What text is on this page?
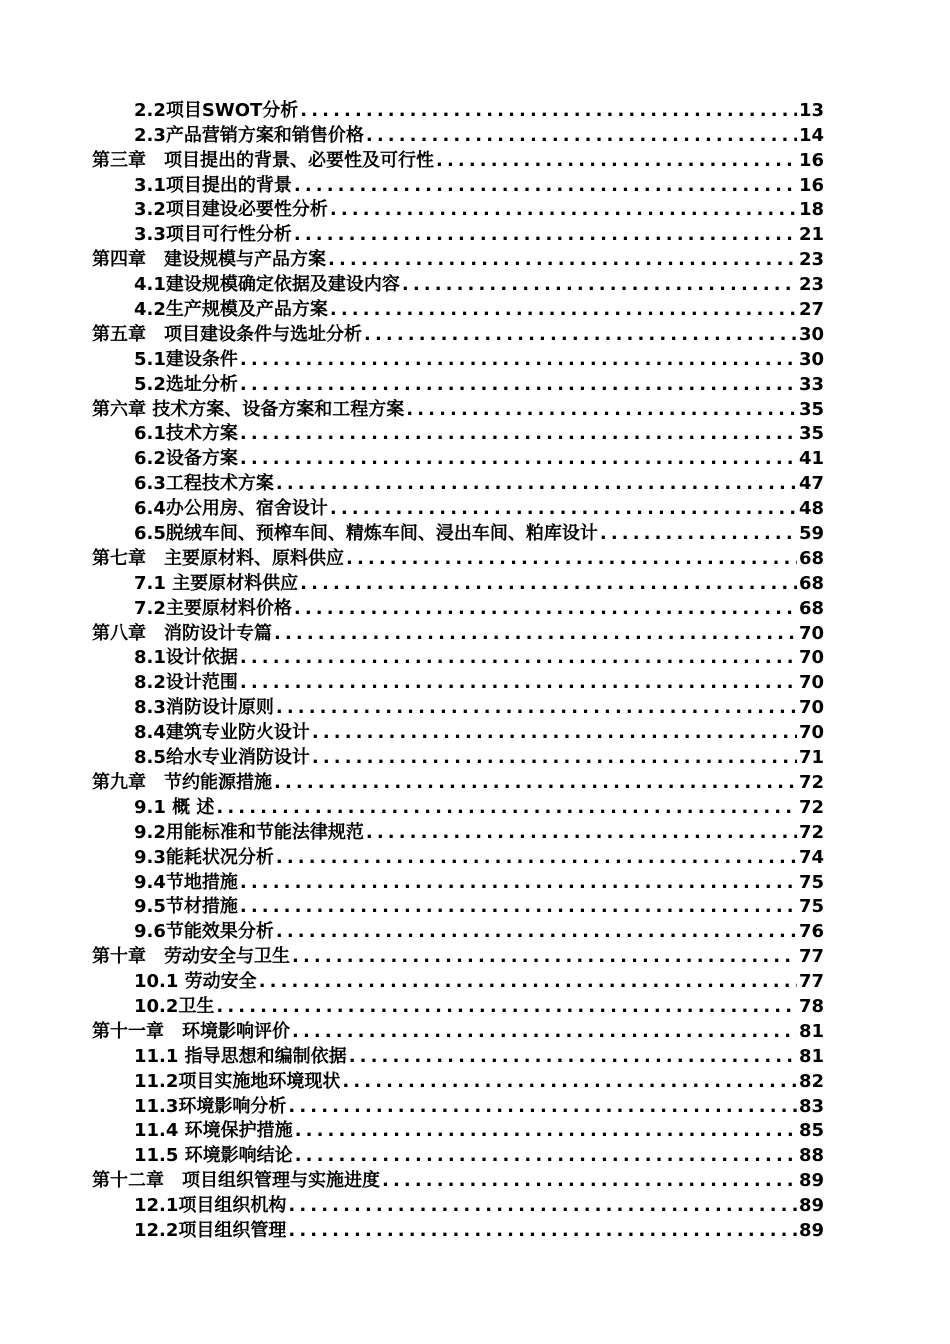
2.2项目SWOT分析 .....	13
2.3产品营销方案和销售价格 .....	14
第三章　项目提出的背景、必要性及可行性 .....	16
3.1项目提出的背景 .....	16
3.2项目建设必要性分析 .....	18
3.3项目可行性分析 .....	21
第四章　建设规模与产品方案 .....	23
4.1建设规模确定依据及建设内容 .....	23
4.2生产规模及产品方案 .....	27
第五章　项目建设条件与选址分析 .....	30
5.1建设条件 .....	30
5.2选址分析 .....	33
第六章 技术方案、设备方案和工程方案 .....	35
6.1技术方案 .....	35
6.2设备方案 .....	41
6.3工程技术方案 .....	47
6.4办公用房、宿舍设计 .....	48
6.5脱绒车间、预榨车间、精炼车间、浸出车间、粕库设计 .....	59
第七章　主要原材料、原料供应 .....	68
7.1 主要原材料供应 .....	68
7.2主要原材料价格 .....	68
第八章　消防设计专篇 .....	70
8.1设计依据 .....	70
8.2设计范围 .....	70
8.3消防设计原则 .....	70
8.4建筑专业防火设计 .....	70
8.5给水专业消防设计 .....	71
第九章　节约能源措施 .....	72
9.1 概 述 .....	72
9.2用能标准和节能法律规范 .....	72
9.3能耗状况分析 .....	74
9.4节地措施 .....	75
9.5节材措施 .....	75
9.6节能效果分析 .....	76
第十章　劳动安全与卫生 .....	77
10.1 劳动安全 .....	77
10.2卫生 .....	78
第十一章　环境影响评价 .....	81
11.1 指导思想和编制依据 .....	81
11.2项目实施地环境现状 .....	82
11.3环境影响分析 .....	83
11.4 环境保护措施 .....	85
11.5 环境影响结论 .....	88
第十二章　项目组织管理与实施进度 .....	89
12.1项目组织机构 .....	89
12.2项目组织管理 .....	89
